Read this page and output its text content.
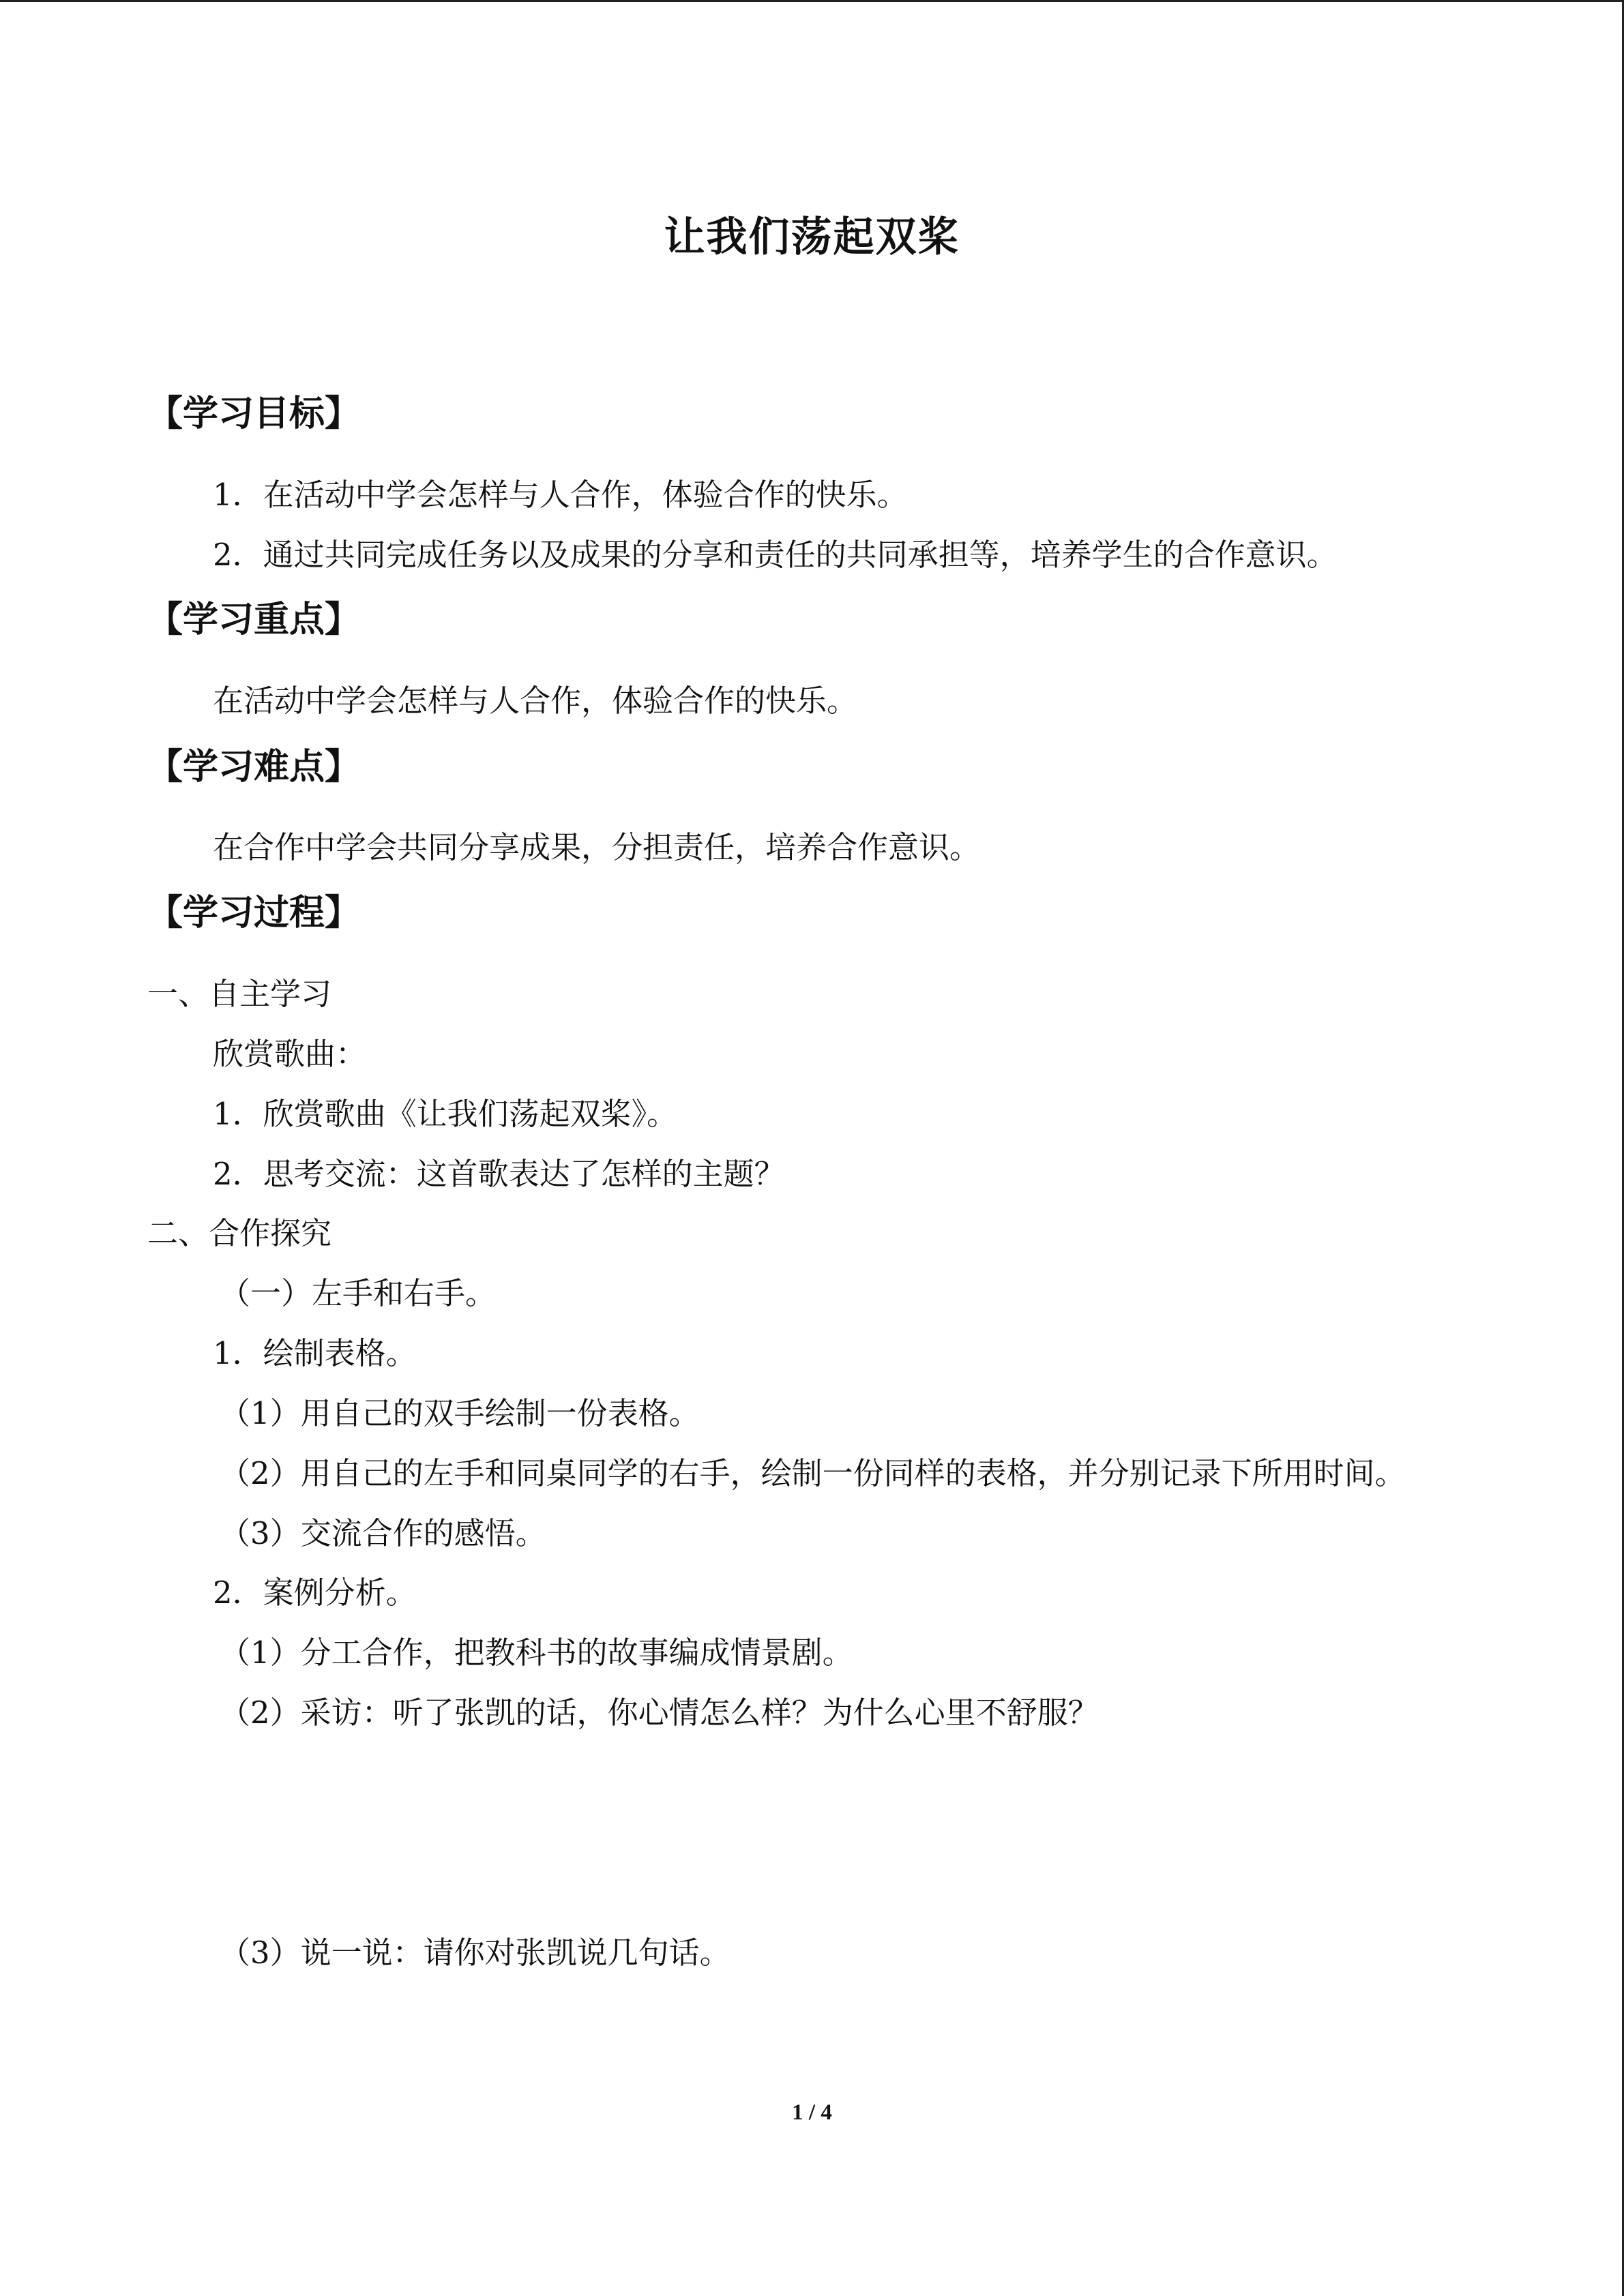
让我们荡起双桨
【学习目标】
1．在活动中学会怎样与人合作，体验合作的快乐。
2．通过共同完成任务以及成果的分享和责任的共同承担等，培养学生的合作意识。
【学习重点】
在活动中学会怎样与人合作，体验合作的快乐。
【学习难点】
在合作中学会共同分享成果，分担责任，培养合作意识。
【学习过程】
一、自主学习
欣赏歌曲：
1．欣赏歌曲《让我们荡起双桨》。
2．思考交流：这首歌表达了怎样的主题？
二、合作探究
（一）左手和右手。
1．绘制表格。
（1）用自己的双手绘制一份表格。
（2）用自己的左手和同桌同学的右手，绘制一份同样的表格，并分别记录下所用时间。
（3）交流合作的感悟。
2．案例分析。
（1）分工合作，把教科书的故事编成情景剧。
（2）采访：听了张凯的话，你心情怎么样？为什么心里不舒服？
（3）说一说：请你对张凯说几句话。
1 / 4
